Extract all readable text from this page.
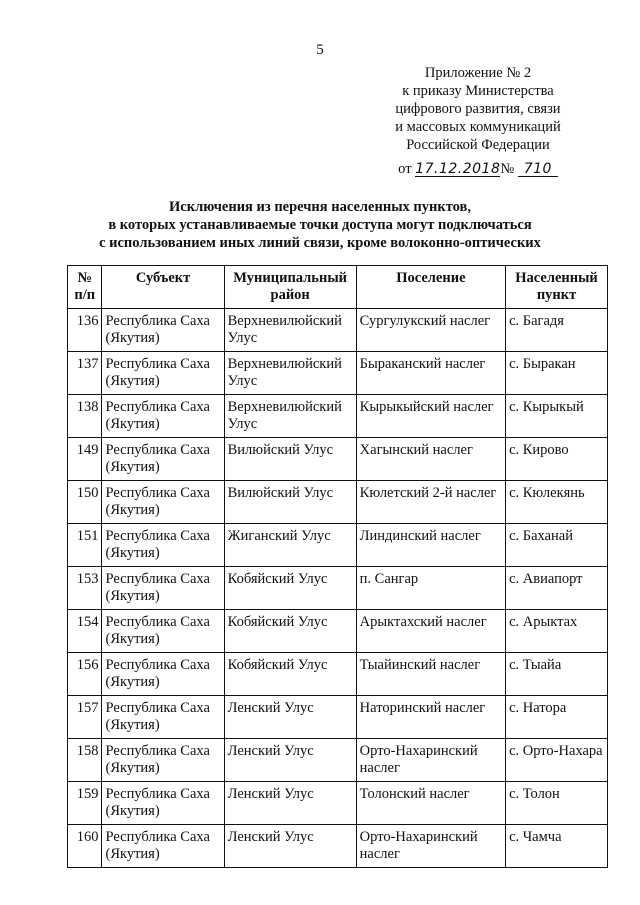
5
Приложение № 2
к приказу Министерства
цифрового развития, связи
и массовых коммуникаций
Российской Федерации
от 17.12.2018№ 710
Исключения из перечня населенных пунктов,
в которых устанавливаемые точки доступа могут подключаться
с использованием иных линий связи, кроме волоконно-оптических
№ п/п	Субъект	Муниципальный район	Поселение	Населенный пункт
136	Республика Саха (Якутия)	Верхневилюйский Улус	Сургулукский наслег	с. Багадя
137	Республика Саха (Якутия)	Верхневилюйский Улус	Быраканский наслег	с. Быракан
138	Республика Саха (Якутия)	Верхневилюйский Улус	Кырыкыйский наслег	с. Кырыкый
149	Республика Саха (Якутия)	Вилюйский Улус	Хагынский наслег	с. Кирово
150	Республика Саха (Якутия)	Вилюйский Улус	Кюлетский 2-й наслег	с. Кюлекянь
151	Республика Саха (Якутия)	Жиганский Улус	Линдинский наслег	с. Баханай
153	Республика Саха (Якутия)	Кобяйский Улус	п. Сангар	с. Авиапорт
154	Республика Саха (Якутия)	Кобяйский Улус	Арыктахский наслег	с. Арыктах
156	Республика Саха (Якутия)	Кобяйский Улус	Тыайинский наслег	с. Тыайа
157	Республика Саха (Якутия)	Ленский Улус	Наторинский наслег	с. Натора
158	Республика Саха (Якутия)	Ленский Улус	Орто-Нахаринский наслег	с. Орто-Нахара
159	Республика Саха (Якутия)	Ленский Улус	Толонский наслег	с. Толон
160	Республика Саха (Якутия)	Ленский Улус	Орто-Нахаринский наслег	с. Чамча
